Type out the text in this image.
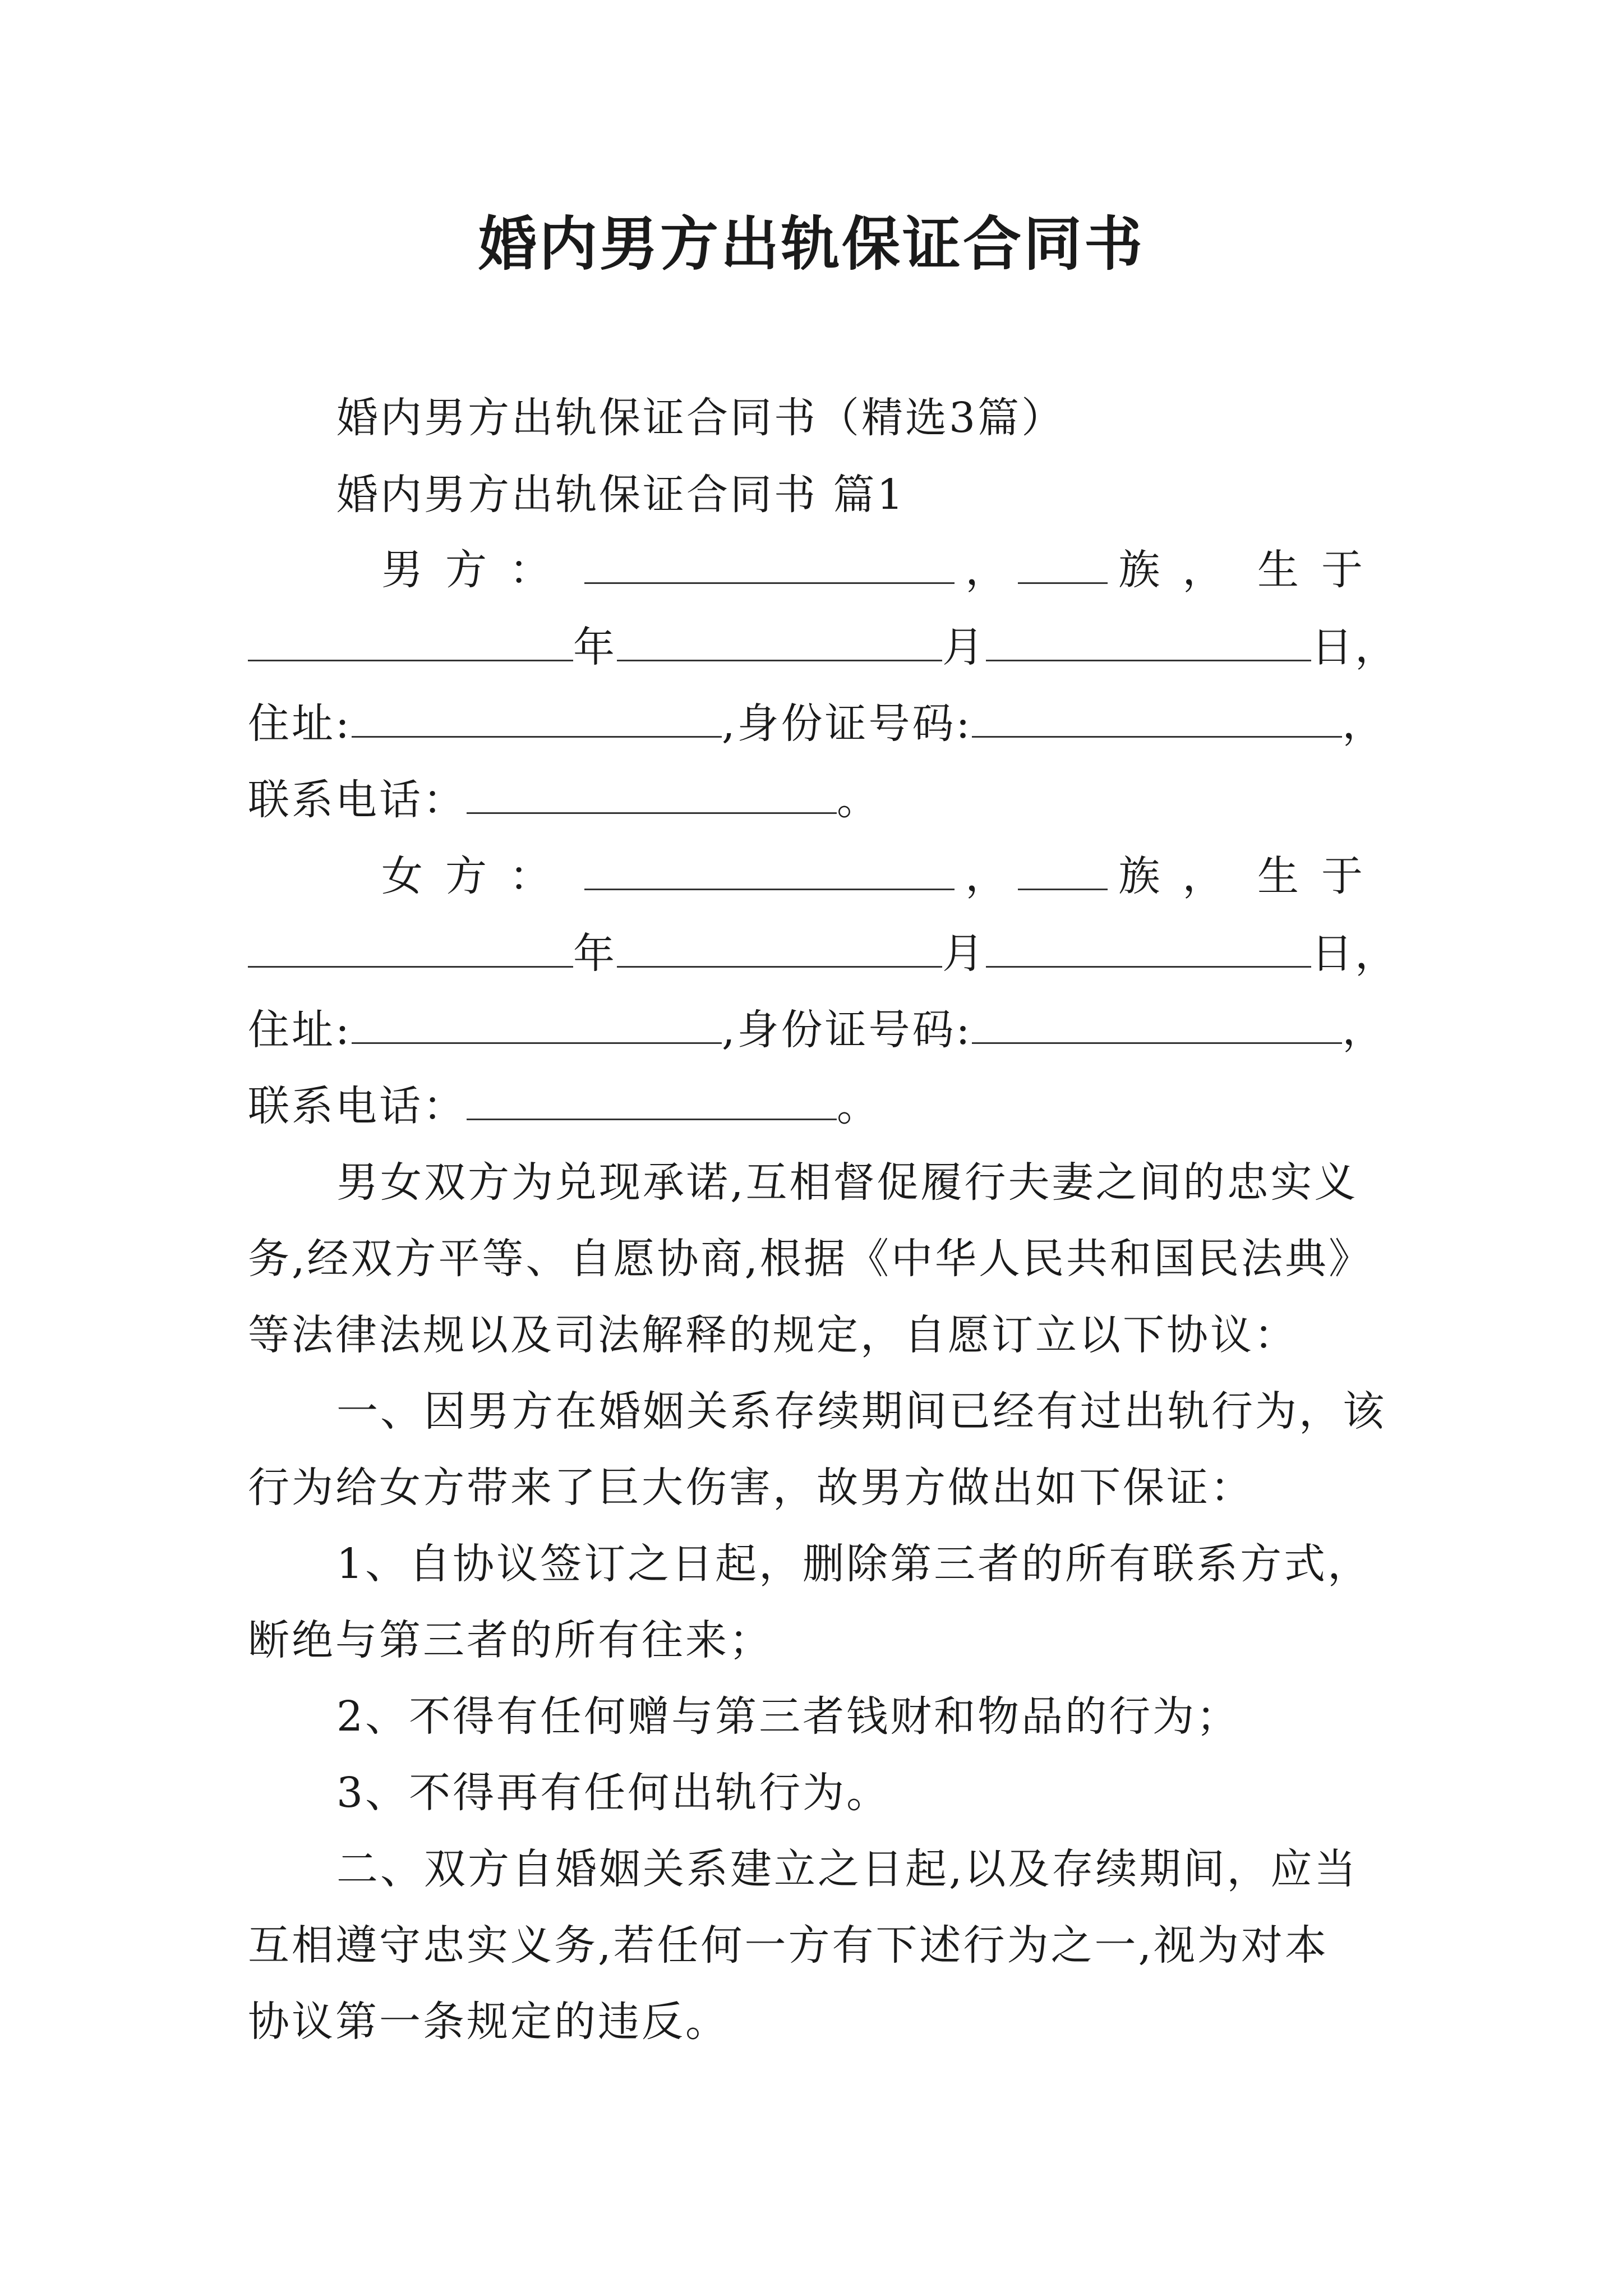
婚内男方出轨保证合同书
婚内男方出轨保证合同书（精选3篇）
婚内男方出轨保证合同书 篇1
男方：	，	族， 生于
年	月	日，
住址:	,身份证号码:	，
联系电话：	。
女方：	，	族， 生于
年	月	日，
住址:	,身份证号码:	，
联系电话：	。
男女双方为兑现承诺,互相督促履行夫妻之间的忠实义
务,经双方平等、自愿协商,根据《中华人民共和国民法典》
等法律法规以及司法解释的规定，自愿订立以下协议：
一、因男方在婚姻关系存续期间已经有过出轨行为，该
行为给女方带来了巨大伤害，故男方做出如下保证：
1、自协议签订之日起，删除第三者的所有联系方式，
断绝与第三者的所有往来；
2、不得有任何赠与第三者钱财和物品的行为；
3、不得再有任何出轨行为。
二、双方自婚姻关系建立之日起,以及存续期间，应当
互相遵守忠实义务,若任何一方有下述行为之一,视为对本
协议第一条规定的违反。
